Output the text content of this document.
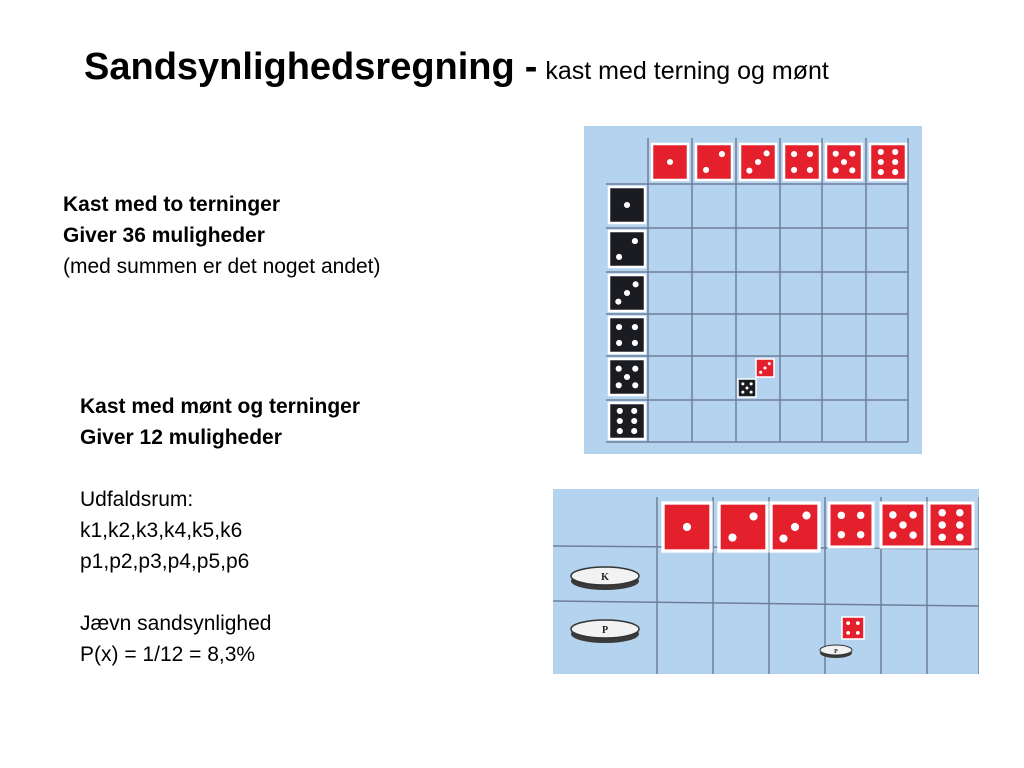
Sandsynlighedsregning - kast med terning og mønt
Kast med to terninger
Giver 36 muligheder
(med summen er det noget andet)
Kast med mønt og terninger
Giver 12 muligheder
Udfaldsrum:
k1,k2,k3,k4,k5,k6
p1,p2,p3,p4,p5,p6
Jævn sandsynlighed
P(x) = 1/12 = 8,3%
K
P
P
